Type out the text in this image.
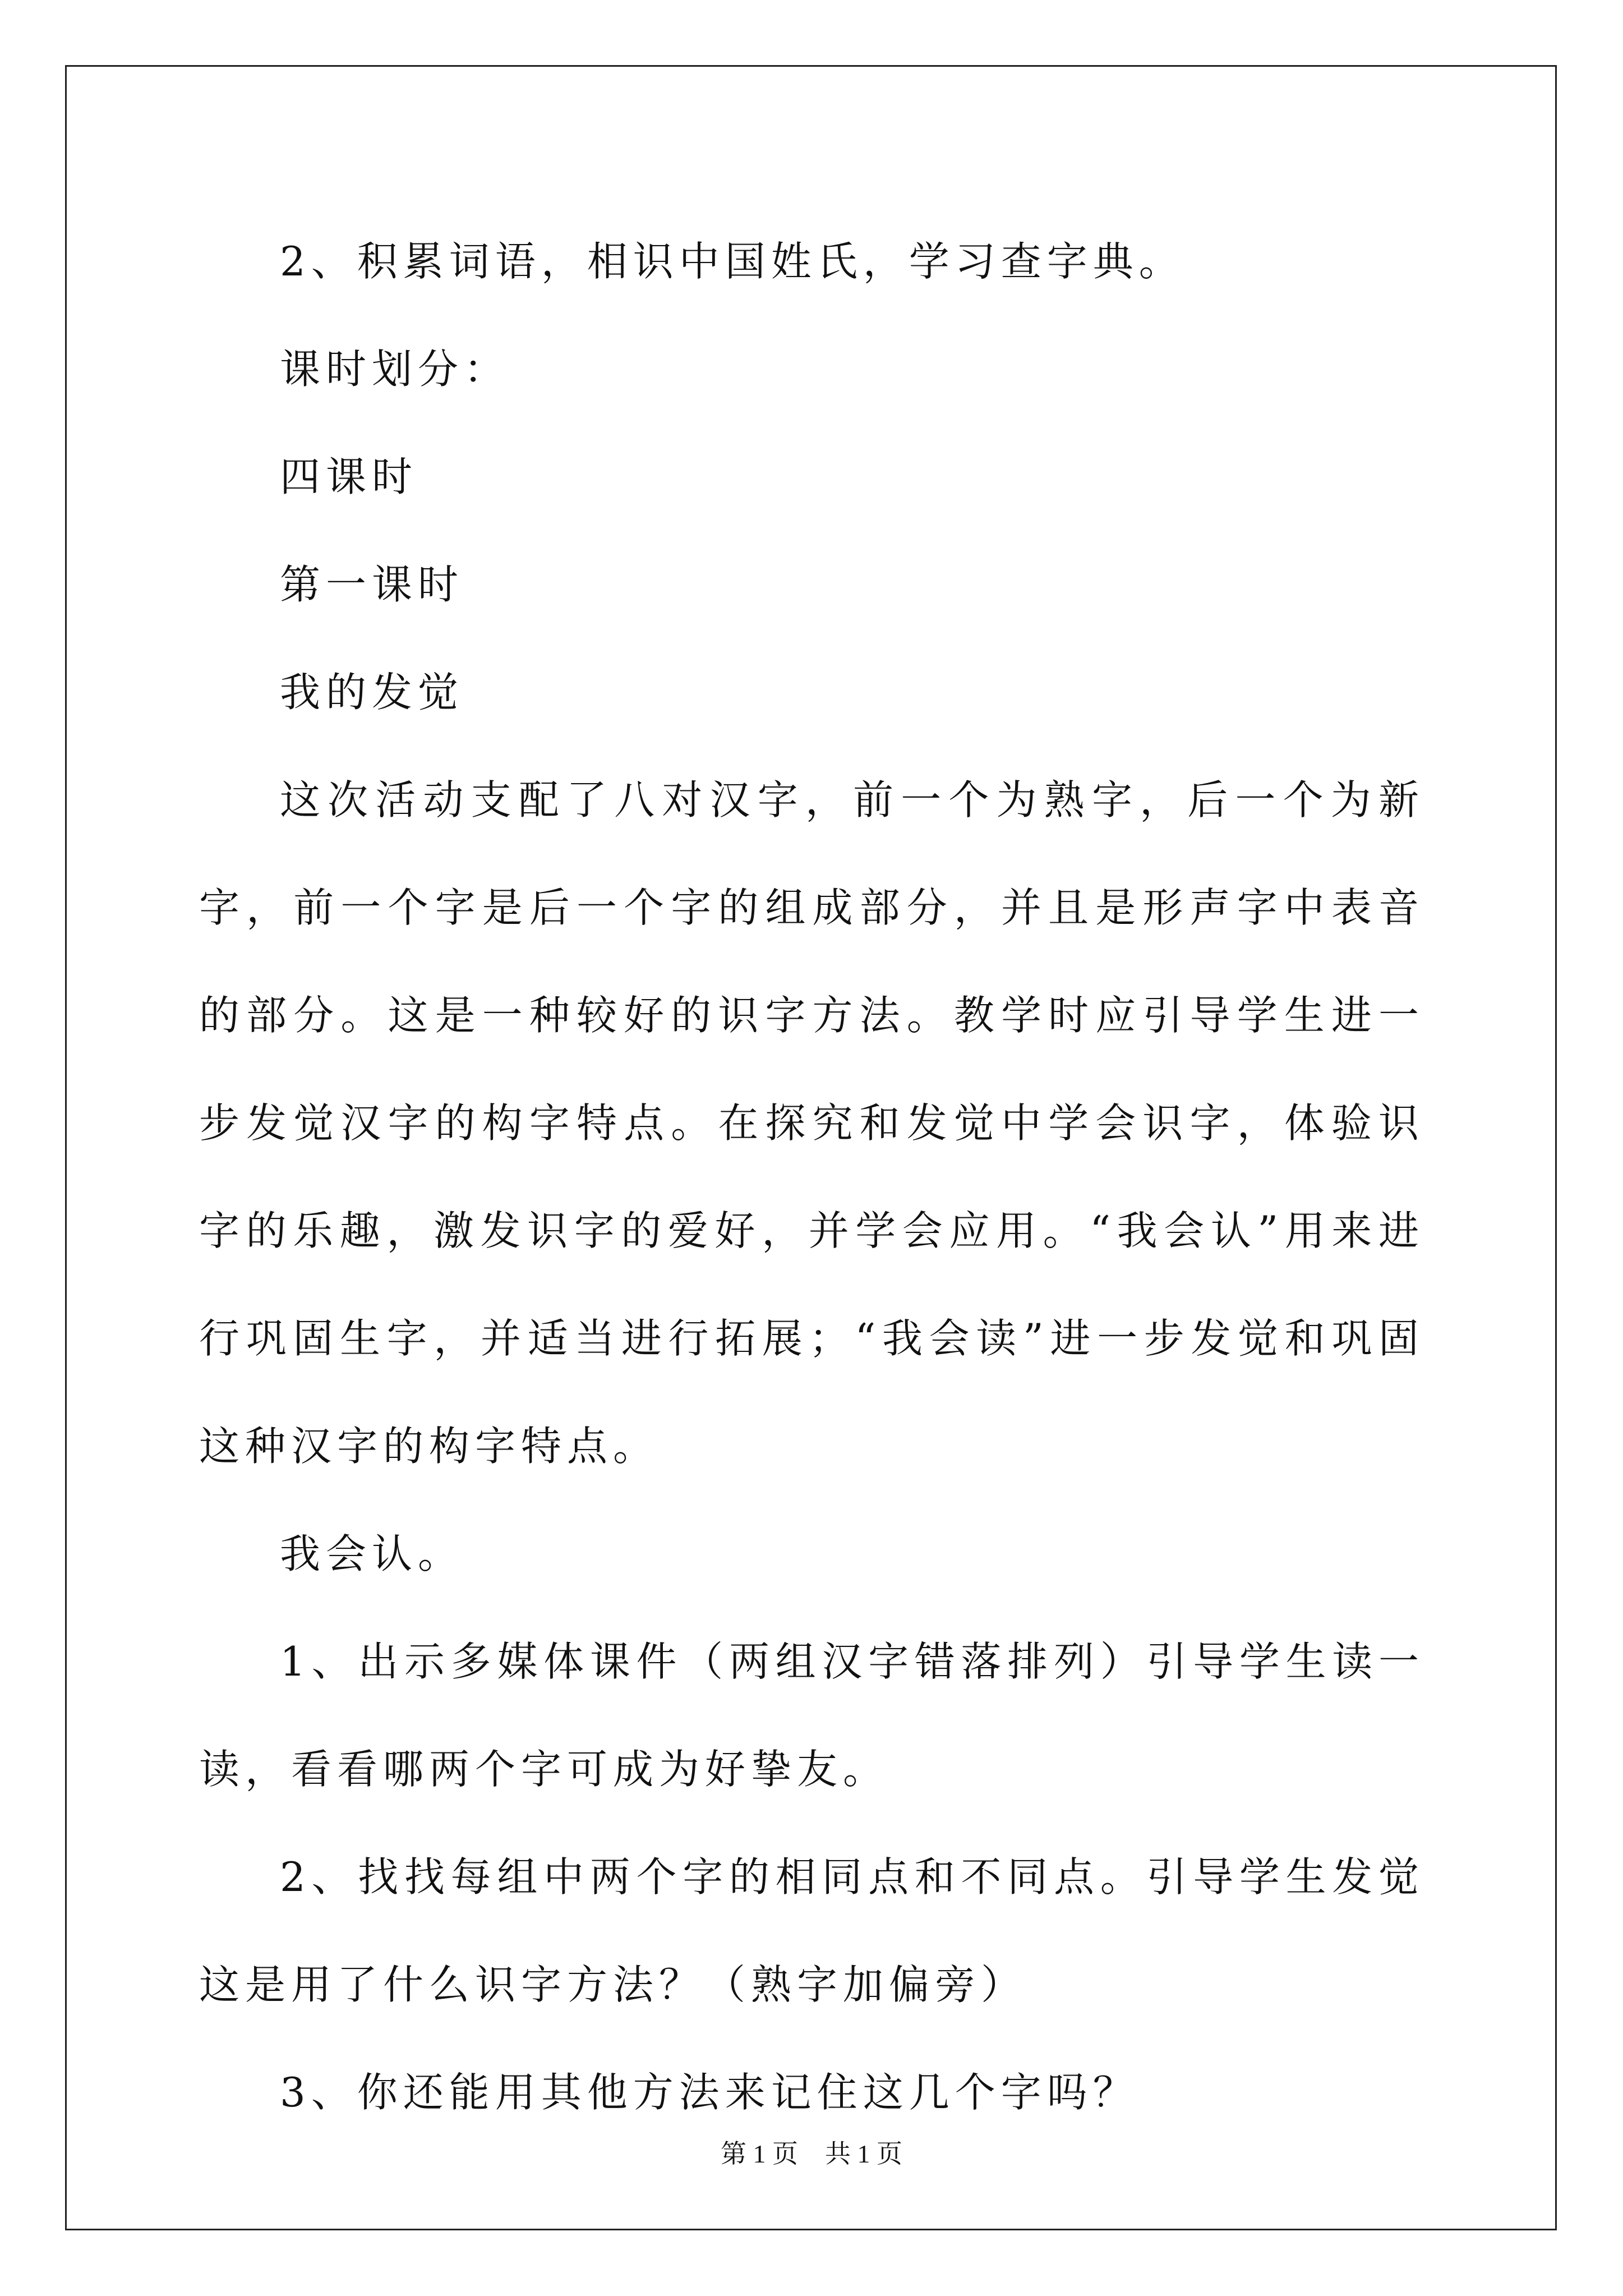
2、积累词语，相识中国姓氏，学习查字典。

课时划分：

四课时

第一课时

我的发觉

这次活动支配了八对汉字，前一个为熟字，后一个为新字，前一个字是后一个字的组成部分，并且是形声字中表音的部分。这是一种较好的识字方法。教学时应引导学生进一步发觉汉字的构字特点。在探究和发觉中学会识字，体验识字的乐趣，激发识字的爱好，并学会应用。“我会认”用来进行巩固生字，并适当进行拓展；“我会读”进一步发觉和巩固这种汉字的构字特点。

我会认。

1、出示多媒体课件（两组汉字错落排列）引导学生读一读，看看哪两个字可成为好挚友。

2、找找每组中两个字的相同点和不同点。引导学生发觉这是用了什么识字方法？（熟字加偏旁）

3、你还能用其他方法来记住这几个字吗？

第 1 页 共 1 页
